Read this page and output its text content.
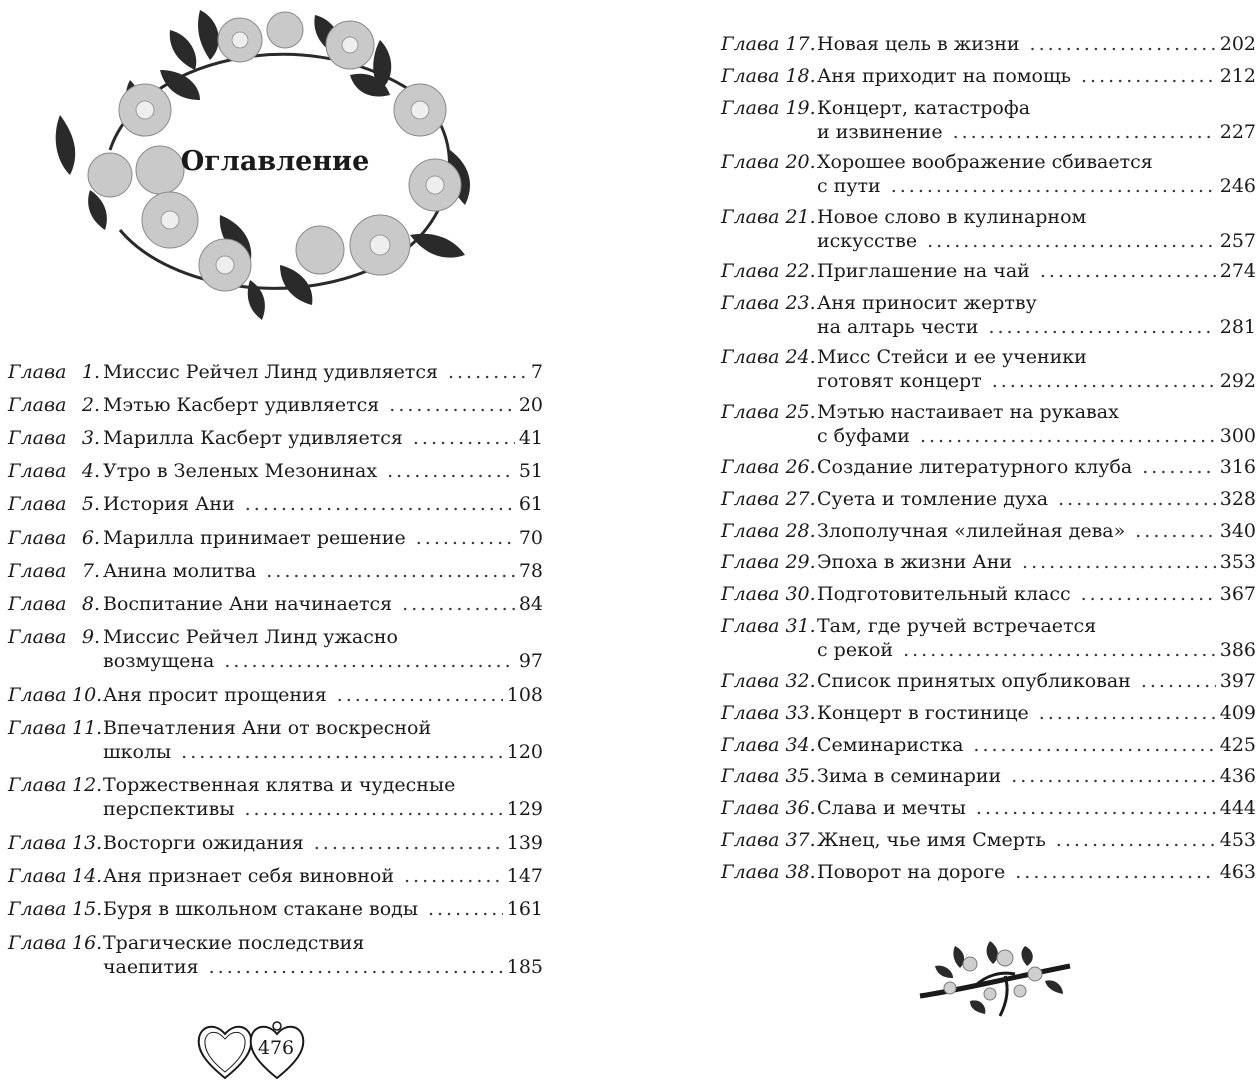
Оглавление
Глава 1. Миссис Рейчел Линд удивляется .....	7
Глава 2. Мэтью Касберт удивляется .....	20
Глава 3. Марилла Касберт удивляется .....	41
Глава 4. Утро в Зеленых Мезонинах .....	51
Глава 5. История Ани .....	61
Глава 6. Марилла принимает решение .....	70
Глава 7. Анина молитва .....	78
Глава 8. Воспитание Ани начинается .....	84
Глава 9. Миссис Рейчел Линд ужасно
возмущена .....	97
Глава 10. Аня просит прощения .....	108
Глава 11. Впечатления Ани от воскресной
школы .....	120
Глава 12. Торжественная клятва и чудесные
перспективы .....	129
Глава 13. Восторги ожидания .....	139
Глава 14. Аня признает себя виновной .....	147
Глава 15. Буря в школьном стакане воды .....	161
Глава 16. Трагические последствия
чаепития .....	185
Глава 17. Новая цель в жизни .....	202
Глава 18. Аня приходит на помощь .....	212
Глава 19. Концерт, катастрофа
и извинение .....	227
Глава 20. Хорошее воображение сбивается
с пути .....	246
Глава 21. Новое слово в кулинарном
искусстве .....	257
Глава 22. Приглашение на чай .....	274
Глава 23. Аня приносит жертву
на алтарь чести .....	281
Глава 24. Мисс Стейси и ее ученики
готовят концерт .....	292
Глава 25. Мэтью настаивает на рукавах
с буфами .....	300
Глава 26. Создание литературного клуба .....	316
Глава 27. Суета и томление духа .....	328
Глава 28. Злополучная «лилейная дева» .....	340
Глава 29. Эпоха в жизни Ани .....	353
Глава 30. Подготовительный класс .....	367
Глава 31. Там, где ручей встречается
с рекой .....	386
Глава 32. Список принятых опубликован .....	397
Глава 33. Концерт в гостинице .....	409
Глава 34. Семинаристка .....	425
Глава 35. Зима в семинарии .....	436
Глава 36. Слава и мечты .....	444
Глава 37. Жнец, чье имя Смерть .....	453
Глава 38. Поворот на дороге .....	463
476
